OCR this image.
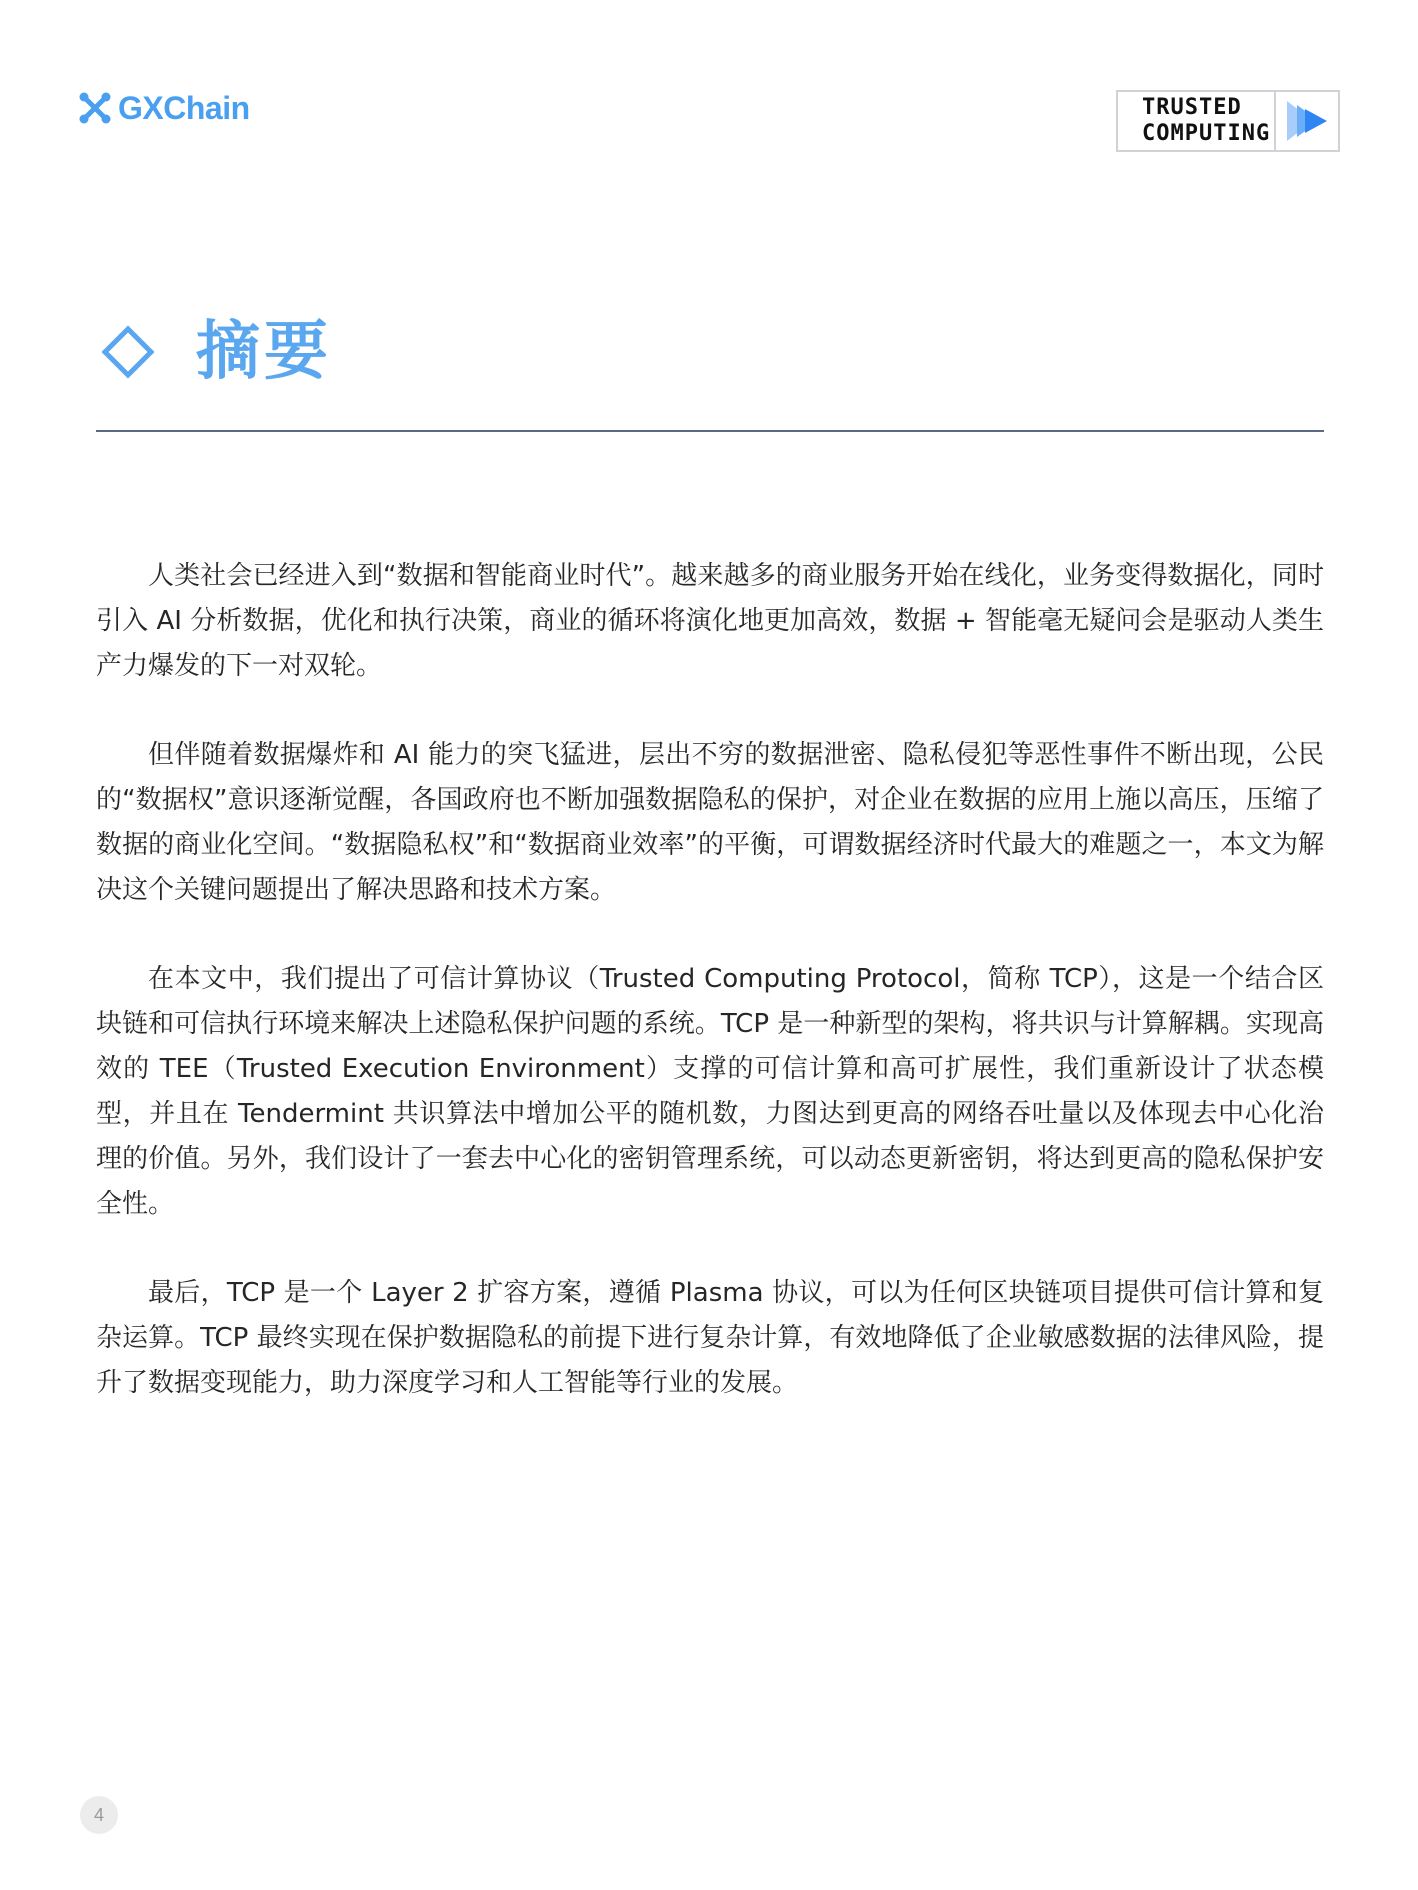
GXChain	TRUSTED
COMPUTING
摘要

人类社会已经进入到“数据和智能商业时代”。越来越多的商业服务开始在线化，业务变得数据化，同时引入 AI 分析数据，优化和执行决策，商业的循环将演化地更加高效，数据 + 智能毫无疑问会是驱动人类生产力爆发的下一对双轮。

但伴随着数据爆炸和 AI 能力的突飞猛进，层出不穷的数据泄密、隐私侵犯等恶性事件不断出现，公民的“数据权”意识逐渐觉醒，各国政府也不断加强数据隐私的保护，对企业在数据的应用上施以高压，压缩了数据的商业化空间。“数据隐私权”和“数据商业效率”的平衡，可谓数据经济时代最大的难题之一，本文为解决这个关键问题提出了解决思路和技术方案。

在本文中，我们提出了可信计算协议（Trusted Computing Protocol，简称 TCP），这是一个结合区块链和可信执行环境来解决上述隐私保护问题的系统。TCP 是一种新型的架构，将共识与计算解耦。实现高效的 TEE（Trusted Execution Environment）支撑的可信计算和高可扩展性，我们重新设计了状态模型，并且在 Tendermint 共识算法中增加公平的随机数，力图达到更高的网络吞吐量以及体现去中心化治理的价值。另外，我们设计了一套去中心化的密钥管理系统，可以动态更新密钥，将达到更高的隐私保护安全性。

最后，TCP 是一个 Layer 2 扩容方案，遵循 Plasma 协议，可以为任何区块链项目提供可信计算和复杂运算。TCP 最终实现在保护数据隐私的前提下进行复杂计算，有效地降低了企业敏感数据的法律风险，提升了数据变现能力，助力深度学习和人工智能等行业的发展。

4
